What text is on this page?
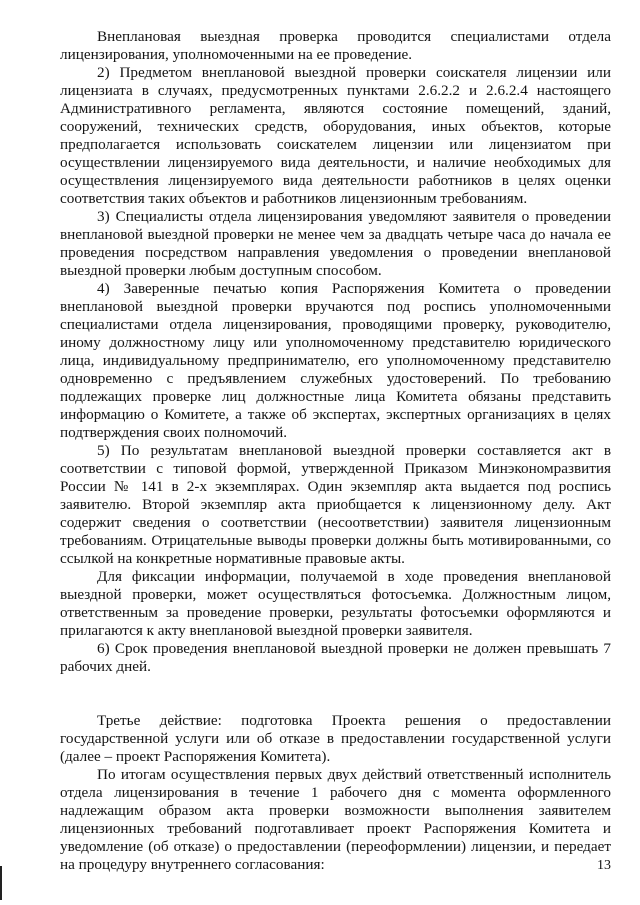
Внеплановая выездная проверка проводится специалистами отдела лицензирования, уполномоченными на ее проведение.

2) Предметом внеплановой выездной проверки соискателя лицензии или лицензиата в случаях, предусмотренных пунктами 2.6.2.2 и 2.6.2.4 настоящего Административного регламента, являются состояние помещений, зданий, сооружений, технических средств, оборудования, иных объектов, которые предполагается использовать соискателем лицензии или лицензиатом при осуществлении лицензируемого вида деятельности, и наличие необходимых для осуществления лицензируемого вида деятельности работников в целях оценки соответствия таких объектов и работников лицензионным требованиям.

3) Специалисты отдела лицензирования уведомляют заявителя о проведении внеплановой выездной проверки не менее чем за двадцать четыре часа до начала ее проведения посредством направления уведомления о проведении внеплановой выездной проверки любым доступным способом.

4) Заверенные печатью копия Распоряжения Комитета о проведении внеплановой выездной проверки вручаются под роспись уполномоченными специалистами отдела лицензирования, проводящими проверку, руководителю, иному должностному лицу или уполномоченному представителю юридического лица, индивидуальному предпринимателю, его уполномоченному представителю одновременно с предъявлением служебных удостоверений. По требованию подлежащих проверке лиц должностные лица Комитета обязаны представить информацию о Комитете, а также об экспертах, экспертных организациях в целях подтверждения своих полномочий.

5) По результатам внеплановой выездной проверки составляется акт в соответствии с типовой формой, утвержденной Приказом Минэкономразвития России № 141 в 2-х экземплярах. Один экземпляр акта выдается под роспись заявителю. Второй экземпляр акта приобщается к лицензионному делу. Акт содержит сведения о соответствии (несоответствии) заявителя лицензионным требованиям. Отрицательные выводы проверки должны быть мотивированными, со ссылкой на конкретные нормативные правовые акты.

Для фиксации информации, получаемой в ходе проведения внеплановой выездной проверки, может осуществляться фотосъемка. Должностным лицом, ответственным за проведение проверки, результаты фотосъемки оформляются и прилагаются к акту внеплановой выездной проверки заявителя.

6) Срок проведения внеплановой выездной проверки не должен превышать 7 рабочих дней.

Третье действие: подготовка Проекта решения о предоставлении государственной услуги или об отказе в предоставлении государственной услуги (далее – проект Распоряжения Комитета).

По итогам осуществления первых двух действий ответственный исполнитель отдела лицензирования в течение 1 рабочего дня с момента оформленного надлежащим образом акта проверки возможности выполнения заявителем лицензионных требований подготавливает проект Распоряжения Комитета и уведомление (об отказе) о предоставлении (переоформлении) лицензии, и передает на процедуру внутреннего согласования:	13
